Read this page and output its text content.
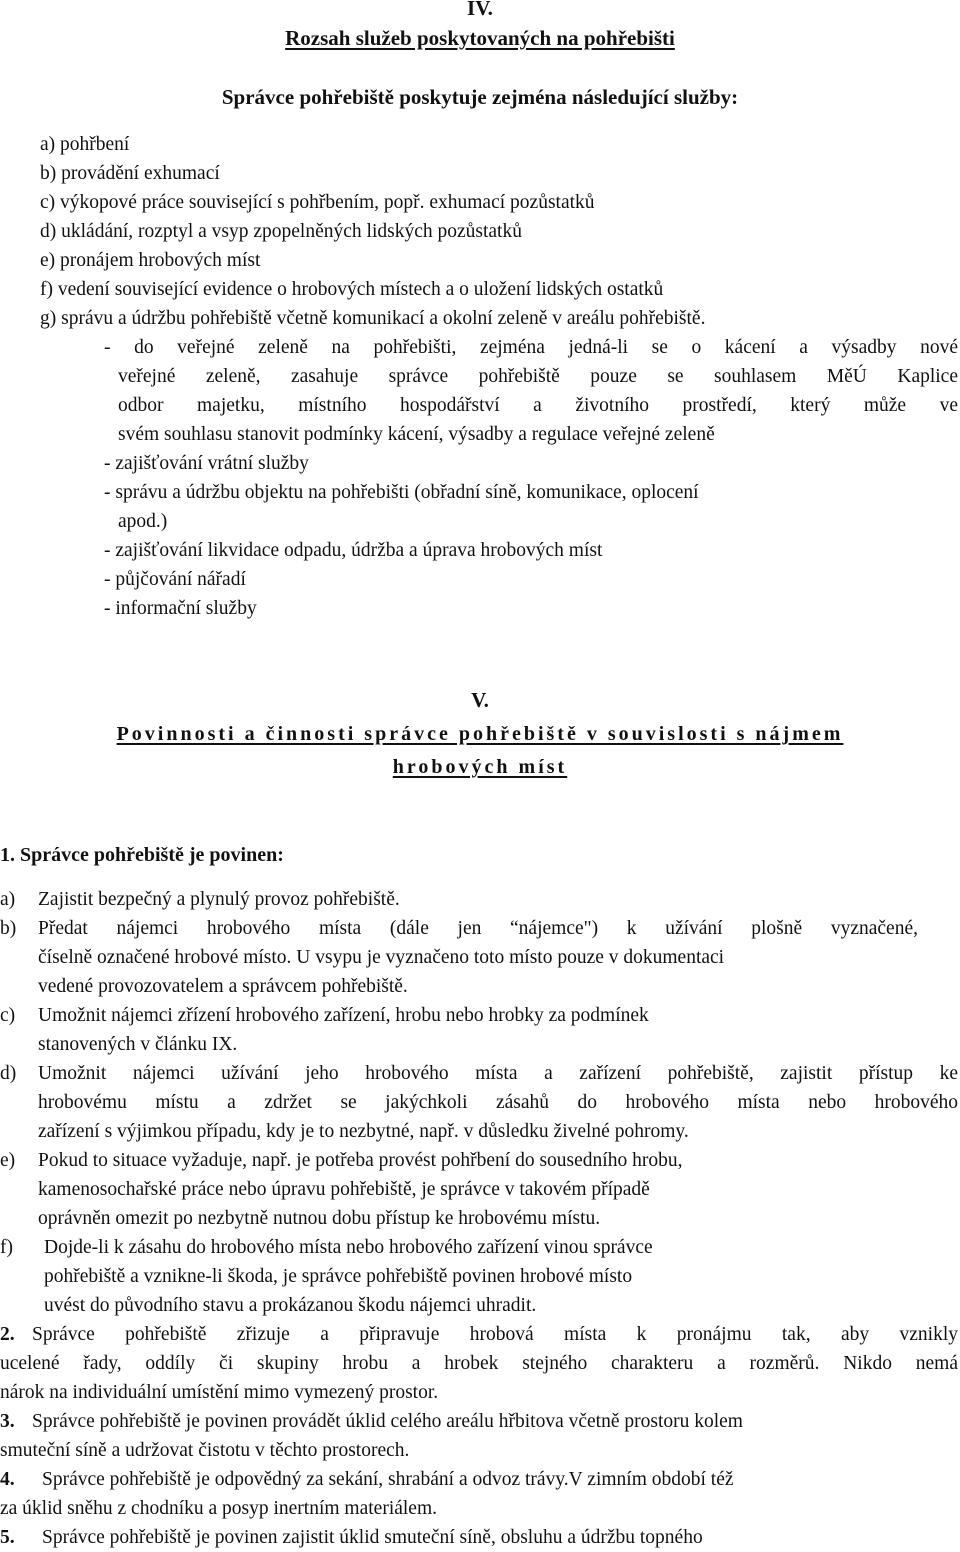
IV.
Rozsah služeb poskytovaných na pohřebišti
Správce pohřebiště poskytuje zejména následující služby:
a) pohřbení
b) provádění exhumací
c) výkopové práce související s pohřbením, popř. exhumací pozůstatků
d) ukládání, rozptyl a vsyp zpopelněných lidských pozůstatků
e) pronájem hrobových míst
f) vedení související evidence o hrobových místech a o uložení lidských ostatků
g) správu a údržbu pohřebiště včetně komunikací a okolní zeleně v areálu pohřebiště.
- do veřejné zeleně na pohřebišti, zejména jedná-li se o kácení a výsadby nové
veřejné zeleně, zasahuje správce pohřebiště pouze se souhlasem MěÚ Kaplice
odbor majetku, místního hospodářství a životního prostředí, který může ve
svém souhlasu stanovit podmínky kácení, výsadby a regulace veřejné zeleně
- zajišťování vrátní služby
- správu a údržbu objektu na pohřebišti (obřadní síně, komunikace, oplocení
apod.)
- zajišťování likvidace odpadu, údržba a úprava hrobových míst
- půjčování nářadí
- informační služby
V.
Povinnosti a činnosti správce pohřebiště v souvislosti s nájmem
hrobových míst
1. Správce pohřebiště je povinen:
a) Zajistit bezpečný a plynulý provoz pohřebiště.
b) Předat nájemci hrobového místa (dále jen “nájemce") k užívání plošně vyznačené,
číselně označené hrobové místo. U vsypu je vyznačeno toto místo pouze v dokumentaci
vedené provozovatelem a správcem pohřebiště.
c) Umožnit nájemci zřízení hrobového zařízení, hrobu nebo hrobky za podmínek
stanovených v článku IX.
d) Umožnit nájemci užívání jeho hrobového místa a zařízení pohřebiště, zajistit přístup ke
hrobovému místu a zdržet se jakýchkoli zásahů do hrobového místa nebo hrobového
zařízení s výjimkou případu, kdy je to nezbytné, např. v důsledku živelné pohromy.
e) Pokud to situace vyžaduje, např. je potřeba provést pohřbení do sousedního hrobu,
kamenosochařské práce nebo úpravu pohřebiště, je správce v takovém případě
oprávněn omezit po nezbytně nutnou dobu přístup ke hrobovému místu.
f) Dojde-li k zásahu do hrobového místa nebo hrobového zařízení vinou správce
pohřebiště a vznikne-li škoda, je správce pohřebiště povinen hrobové místo
uvést do původního stavu a prokázanou škodu nájemci uhradit.
2. Správce pohřebiště zřizuje a připravuje hrobová místa k pronájmu tak, aby vznikly
ucelené řady, oddíly či skupiny hrobu a hrobek stejného charakteru a rozměrů. Nikdo nemá
nárok na individuální umístění mimo vymezený prostor.
3. Správce pohřebiště je povinen provádět úklid celého areálu hřbitova včetně prostoru kolem
smuteční síně a udržovat čistotu v těchto prostorech.
4. Správce pohřebiště je odpovědný za sekání, shrabání a odvoz trávy.V zimním období též
za úklid sněhu z chodníku a posyp inertním materiálem.
5. Správce pohřebiště je povinen zajistit úklid smuteční síně, obsluhu a údržbu topného
